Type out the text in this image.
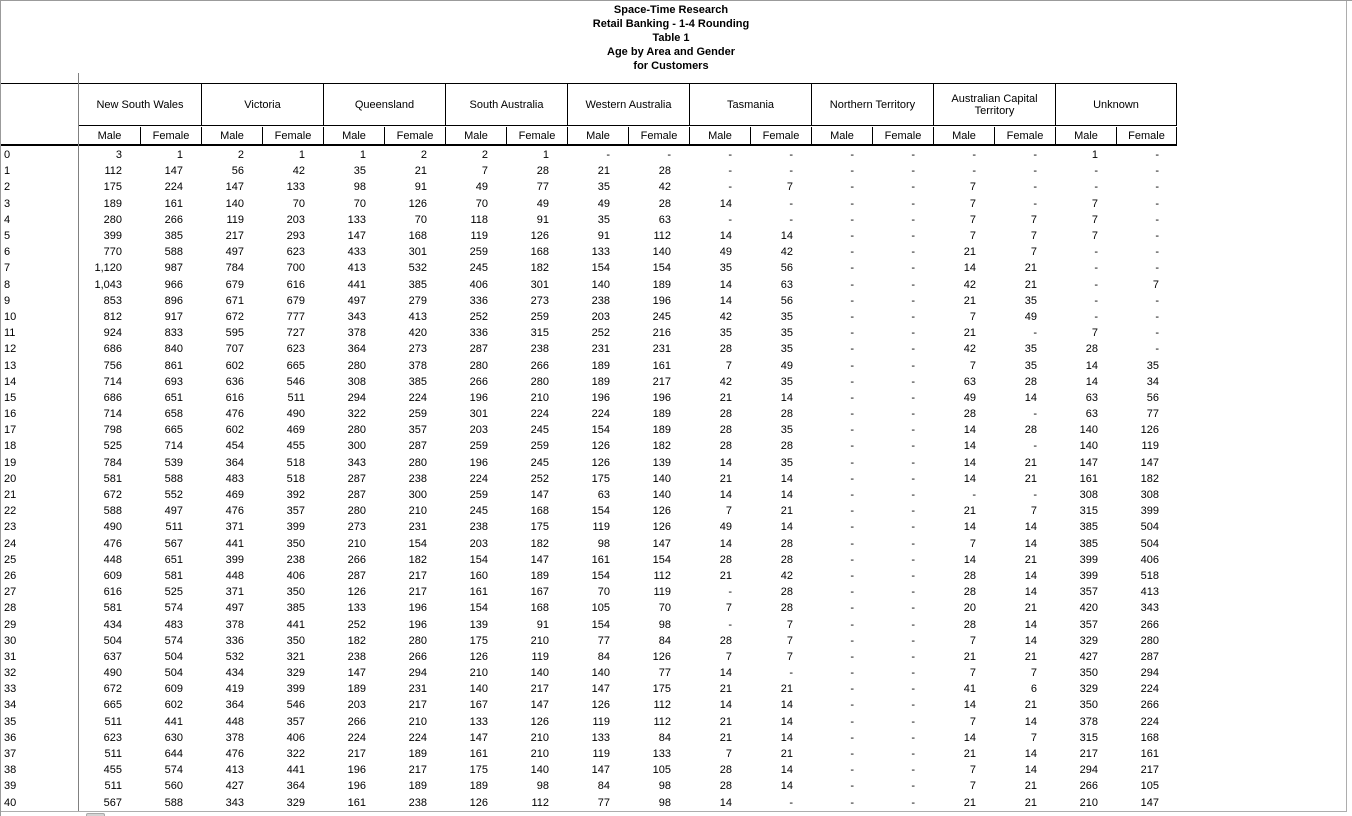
Space-Time Research
Retail Banking - 1-4 Rounding
Table 1
Age by Area and Gender
for Customers
New South Wales	Victoria	Queensland	South Australia	Western Australia	Tasmania	Northern Territory	Australian Capital Territory	Unknown
Male	Female	Male	Female	Male	Female	Male	Female	Male	Female	Male	Female	Male	Female	Male	Female	Male	Female
0	3	1	2	1	1	2	2	1	-	-	-	-	-	-	-	-	1	-
1	112	147	56	42	35	21	7	28	21	28	-	-	-	-	-	-	-	-
2	175	224	147	133	98	91	49	77	35	42	-	7	-	-	7	-	-	-
3	189	161	140	70	70	126	70	49	49	28	14	-	-	-	7	-	7	-
4	280	266	119	203	133	70	118	91	35	63	-	-	-	-	7	7	7	-
5	399	385	217	293	147	168	119	126	91	112	14	14	-	-	7	7	7	-
6	770	588	497	623	433	301	259	168	133	140	49	42	-	-	21	7	-	-
7	1,120	987	784	700	413	532	245	182	154	154	35	56	-	-	14	21	-	-
8	1,043	966	679	616	441	385	406	301	140	189	14	63	-	-	42	21	-	7
9	853	896	671	679	497	279	336	273	238	196	14	56	-	-	21	35	-	-
10	812	917	672	777	343	413	252	259	203	245	42	35	-	-	7	49	-	-
11	924	833	595	727	378	420	336	315	252	216	35	35	-	-	21	-	7	-
12	686	840	707	623	364	273	287	238	231	231	28	35	-	-	42	35	28	-
13	756	861	602	665	280	378	280	266	189	161	7	49	-	-	7	35	14	35
14	714	693	636	546	308	385	266	280	189	217	42	35	-	-	63	28	14	34
15	686	651	616	511	294	224	196	210	196	196	21	14	-	-	49	14	63	56
16	714	658	476	490	322	259	301	224	224	189	28	28	-	-	28	-	63	77
17	798	665	602	469	280	357	203	245	154	189	28	35	-	-	14	28	140	126
18	525	714	454	455	300	287	259	259	126	182	28	28	-	-	14	-	140	119
19	784	539	364	518	343	280	196	245	126	139	14	35	-	-	14	21	147	147
20	581	588	483	518	287	238	224	252	175	140	21	14	-	-	14	21	161	182
21	672	552	469	392	287	300	259	147	63	140	14	14	-	-	-	-	308	308
22	588	497	476	357	280	210	245	168	154	126	7	21	-	-	21	7	315	399
23	490	511	371	399	273	231	238	175	119	126	49	14	-	-	14	14	385	504
24	476	567	441	350	210	154	203	182	98	147	14	28	-	-	7	14	385	504
25	448	651	399	238	266	182	154	147	161	154	28	28	-	-	14	21	399	406
26	609	581	448	406	287	217	160	189	154	112	21	42	-	-	28	14	399	518
27	616	525	371	350	126	217	161	167	70	119	-	28	-	-	28	14	357	413
28	581	574	497	385	133	196	154	168	105	70	7	28	-	-	20	21	420	343
29	434	483	378	441	252	196	139	91	154	98	-	7	-	-	28	14	357	266
30	504	574	336	350	182	280	175	210	77	84	28	7	-	-	7	14	329	280
31	637	504	532	321	238	266	126	119	84	126	7	7	-	-	21	21	427	287
32	490	504	434	329	147	294	210	140	140	77	14	-	-	-	7	7	350	294
33	672	609	419	399	189	231	140	217	147	175	21	21	-	-	41	6	329	224
34	665	602	364	546	203	217	167	147	126	112	14	14	-	-	14	21	350	266
35	511	441	448	357	266	210	133	126	119	112	21	14	-	-	7	14	378	224
36	623	630	378	406	224	224	147	210	133	84	21	14	-	-	14	7	315	168
37	511	644	476	322	217	189	161	210	119	133	7	21	-	-	21	14	217	161
38	455	574	413	441	196	217	175	140	147	105	28	14	-	-	7	14	294	217
39	511	560	427	364	196	189	189	98	84	98	28	14	-	-	7	21	266	105
40	567	588	343	329	161	238	126	112	77	98	14	-	-	-	21	21	210	147
